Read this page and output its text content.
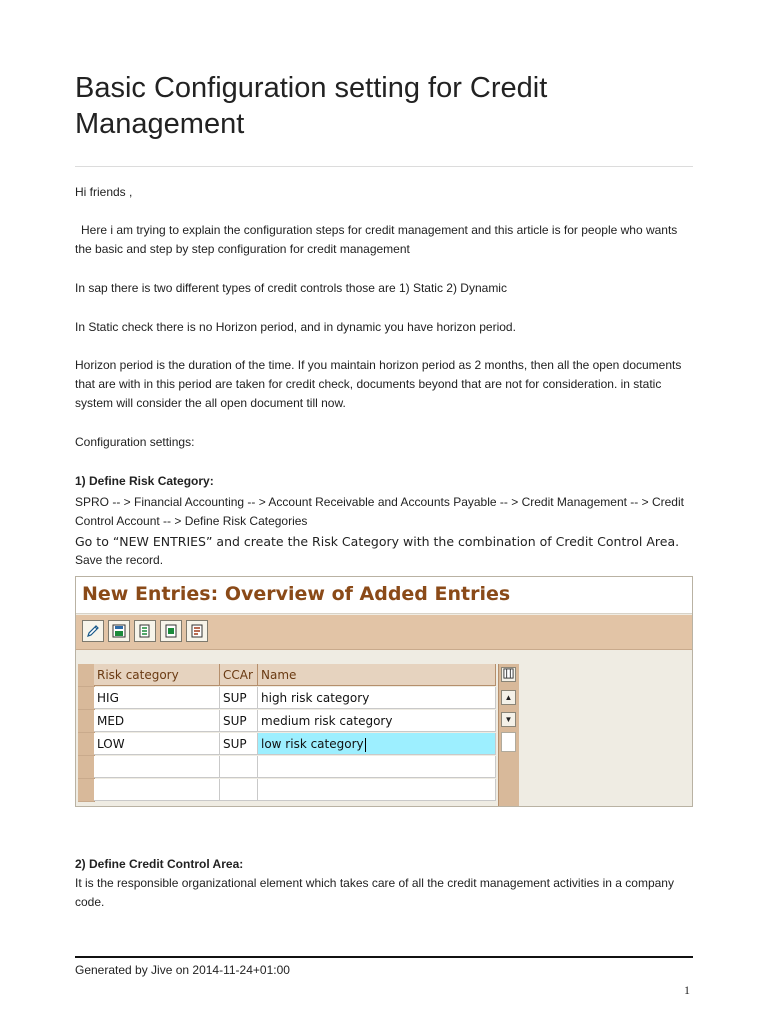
Basic Configuration setting for Credit Management
Hi friends ,
Here i am trying to explain the configuration steps for credit management and this article is for people who wants the basic and step by step configuration for credit management
In sap there is two different types of credit controls those are 1) Static 2) Dynamic
In Static check there is no Horizon period, and in dynamic you have horizon period.
Horizon period is the duration of the time. If you maintain horizon period as 2 months, then all the open documents that are with in this period are taken for credit check, documents beyond that are not for consideration. in static system will consider the all open document till now.
Configuration settings:
1) Define Risk Category:
SPRO -- > Financial Accounting -- > Account Receivable and Accounts Payable -- > Credit Management -- > Credit Control Account -- > Define Risk Categories
Go to “NEW ENTRIES” and create the Risk Category with the combination of Credit Control Area.
Save the record.
New Entries: Overview of Added Entries
Risk category	CCAr Name
HIG	SUP	high risk category
MED	SUP	medium risk category
LOW	SUP	low risk category
▲
▼
2) Define Credit Control Area:
It is the responsible organizational element which takes care of all the credit management activities in a company code.
Generated by Jive on 2014-11-24+01:00
1
